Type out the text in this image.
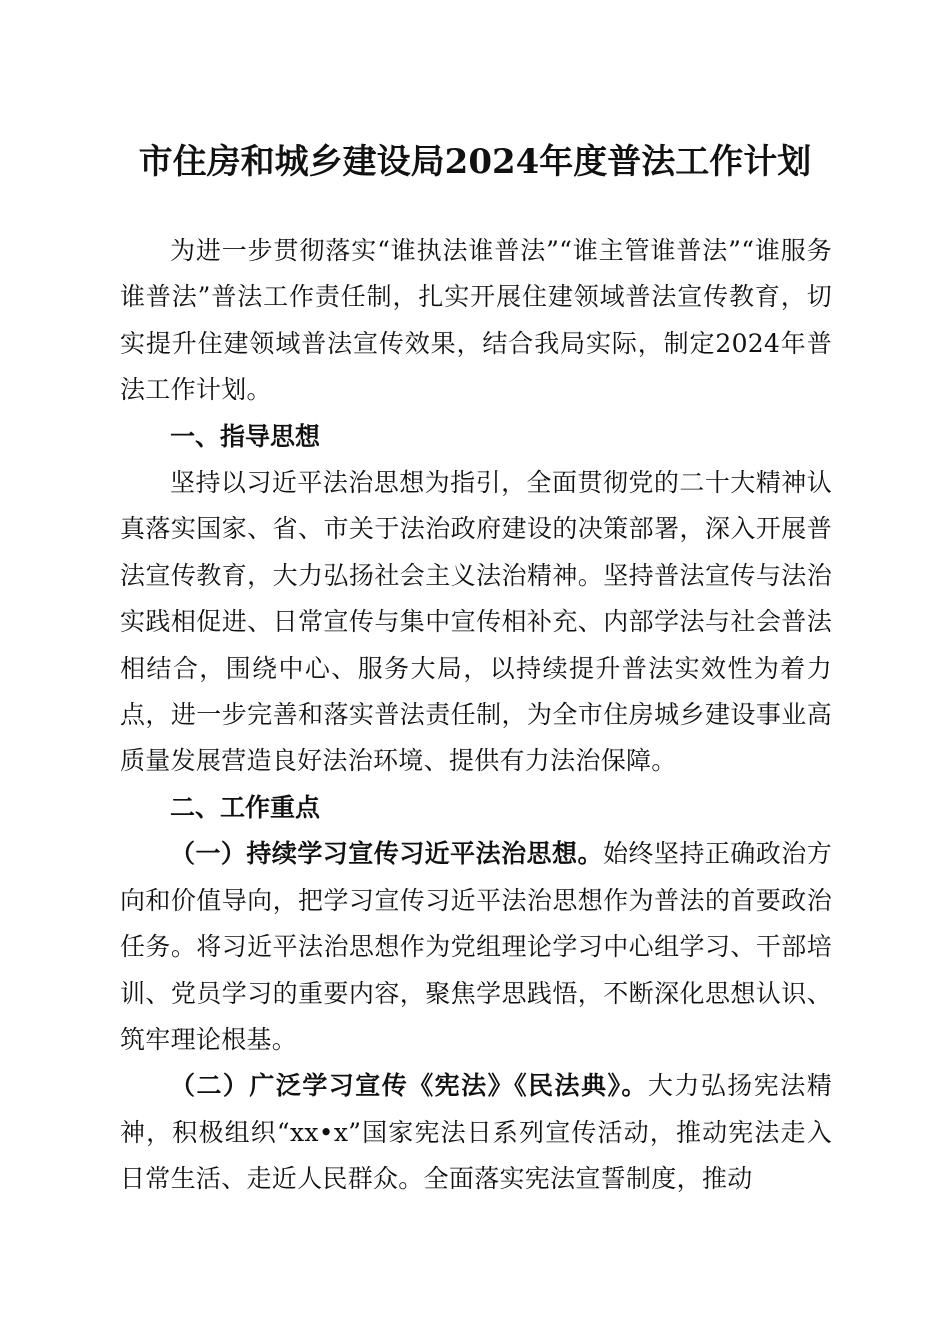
市住房和城乡建设局2024年度普法工作计划

为进一步贯彻落实“谁执法谁普法”“谁主管谁普法”“谁服务谁普法”普法工作责任制，扎实开展住建领域普法宣传教育，切实提升住建领域普法宣传效果，结合我局实际，制定2024年普法工作计划。

一、指导思想

坚持以习近平法治思想为指引，全面贯彻党的二十大精神认真落实国家、省、市关于法治政府建设的决策部署，深入开展普法宣传教育，大力弘扬社会主义法治精神。坚持普法宣传与法治实践相促进、日常宣传与集中宣传相补充、内部学法与社会普法相结合，围绕中心、服务大局，以持续提升普法实效性为着力点，进一步完善和落实普法责任制，为全市住房城乡建设事业高质量发展营造良好法治环境、提供有力法治保障。

二、工作重点

（一）持续学习宣传习近平法治思想。始终坚持正确政治方向和价值导向，把学习宣传习近平法治思想作为普法的首要政治任务。将习近平法治思想作为党组理论学习中心组学习、干部培训、党员学习的重要内容，聚焦学思践悟，不断深化思想认识、筑牢理论根基。

（二）广泛学习宣传《宪法》《民法典》。大力弘扬宪法精神，积极组织“xx•x”国家宪法日系列宣传活动，推动宪法走入日常生活、走近人民群众。全面落实宪法宣誓制度，推动
